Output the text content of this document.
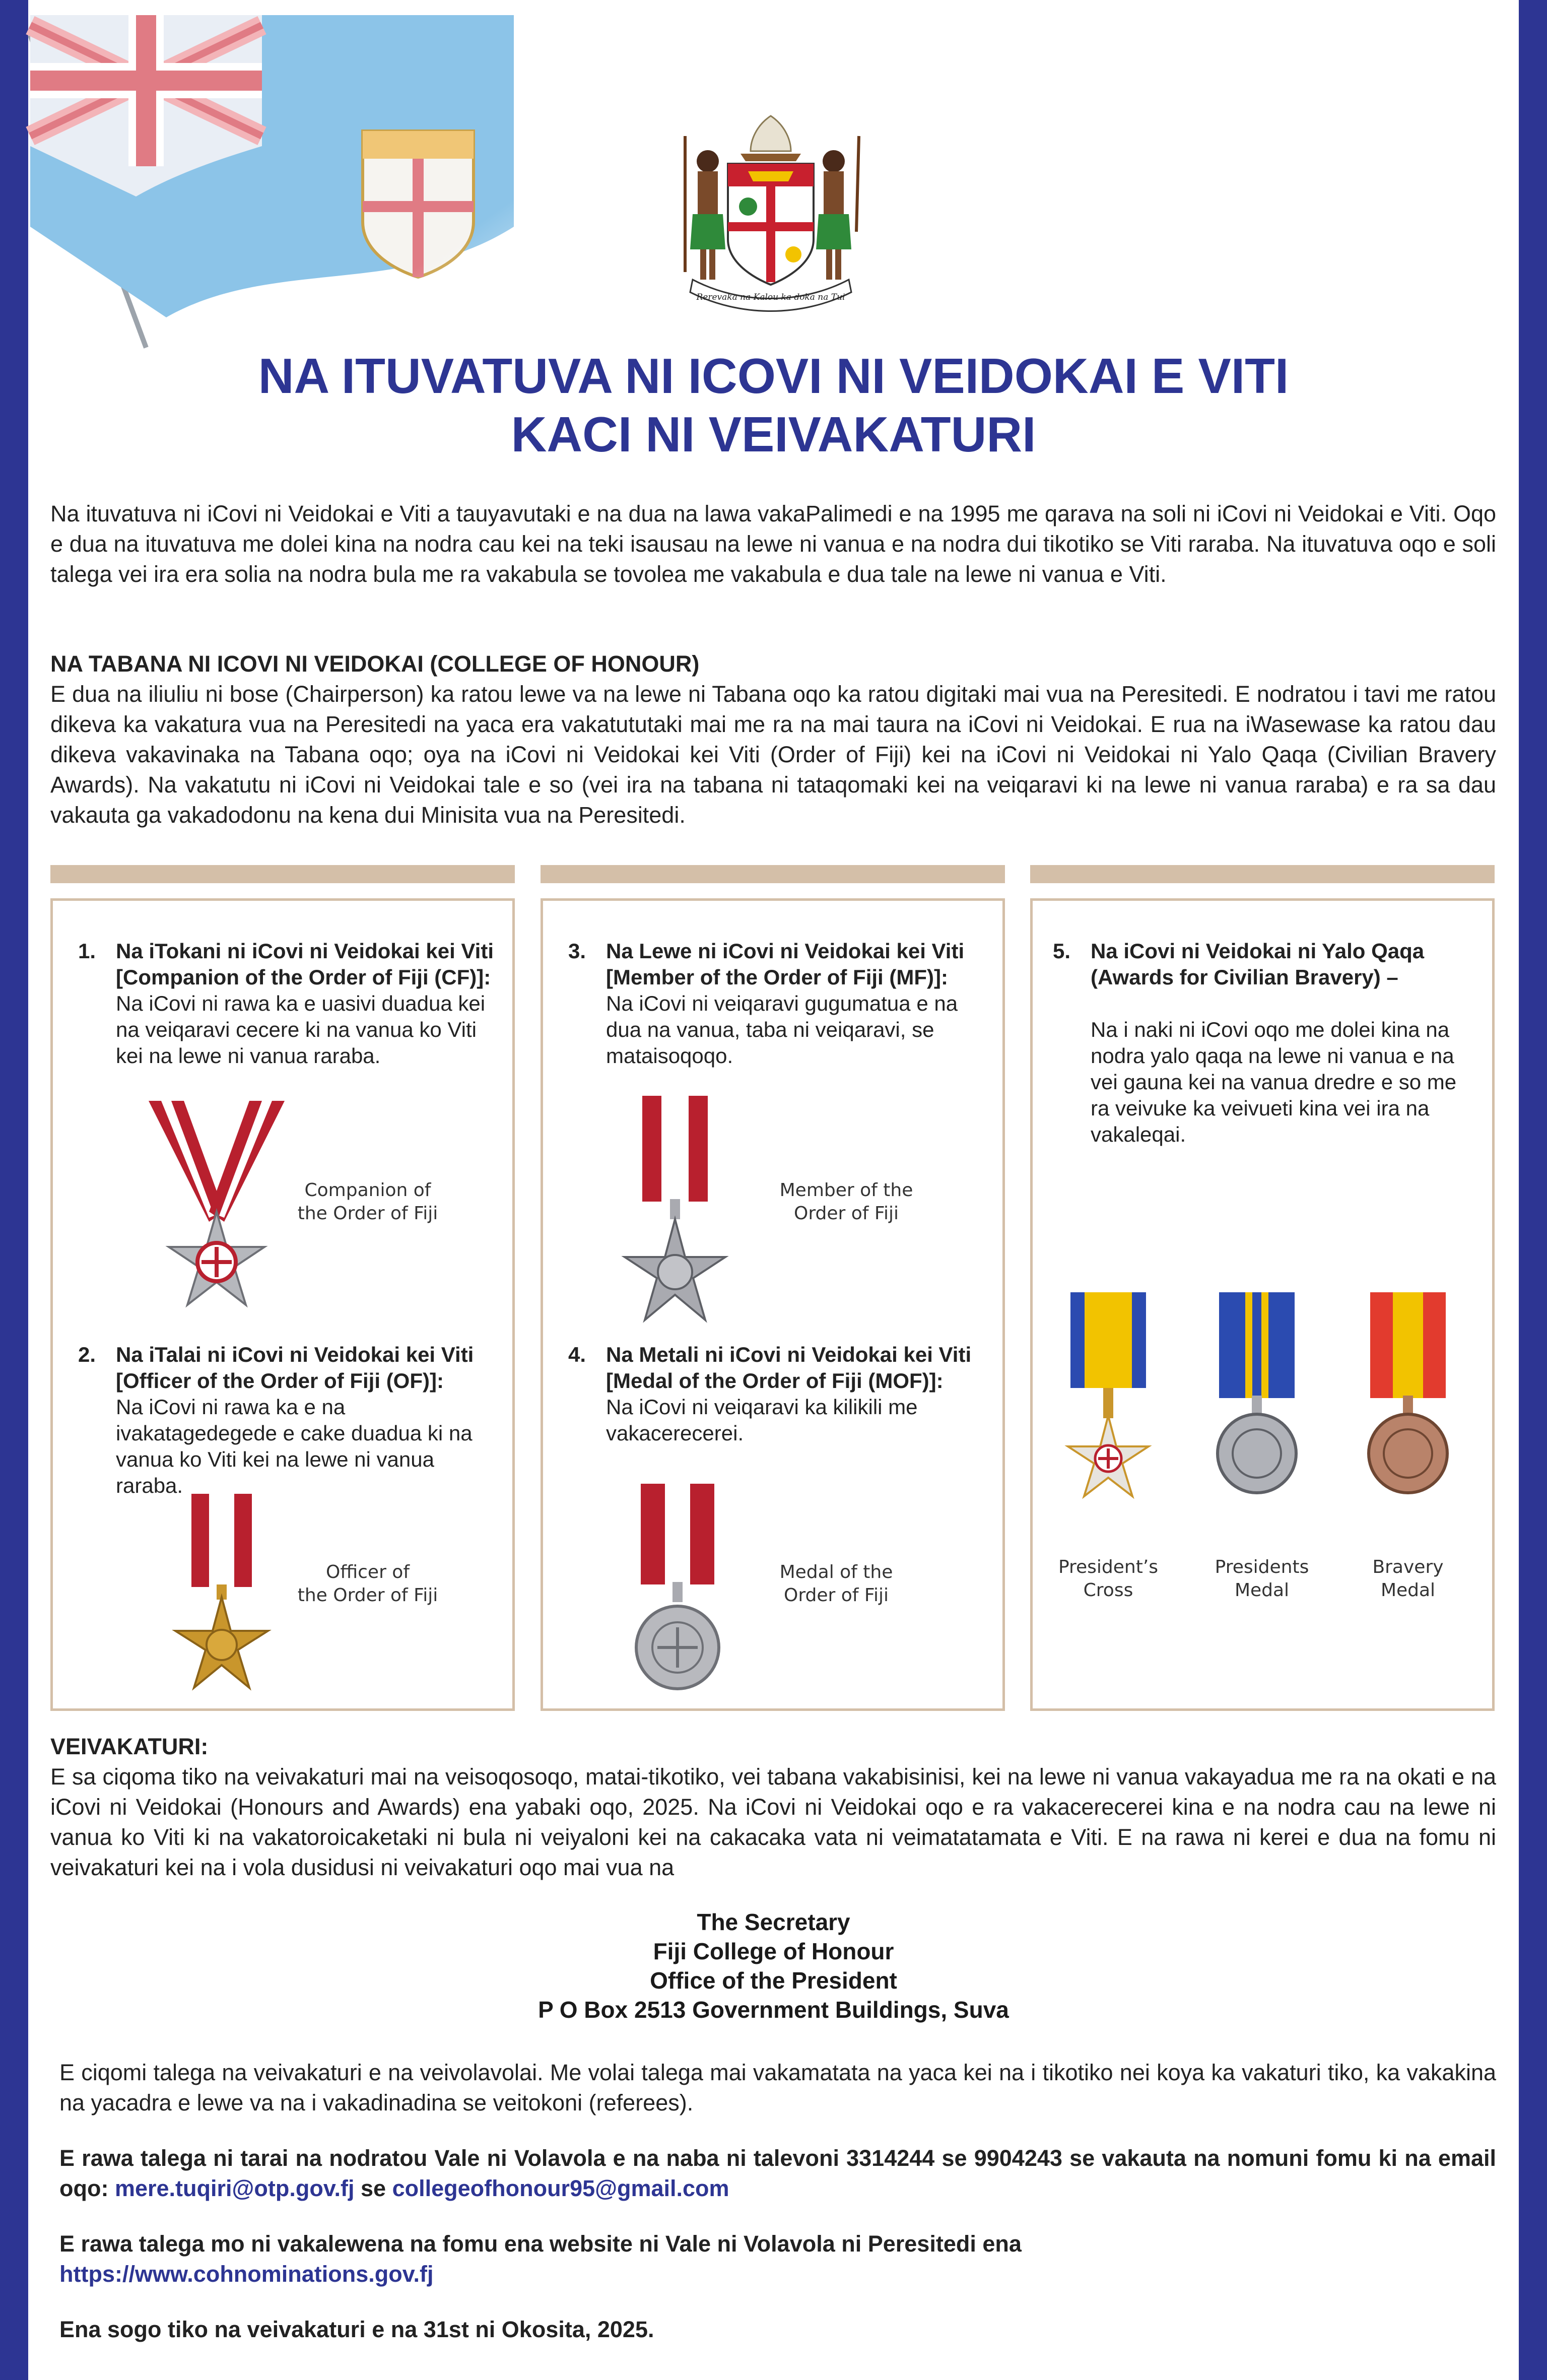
Rerevaka na Kalou ka doka na Tui
NA ITUVATUVA NI ICOVI NI VEIDOKAI E VITI
KACI NI VEIVAKATURI
Na ituvatuva ni iCovi ni Veidokai e Viti a tauyavutaki e na dua na lawa vakaPalimedi e na 1995 me qarava na soli ni iCovi ni Veidokai e Viti. Oqo e dua na ituvatuva me dolei kina na nodra cau kei na teki isausau na lewe ni vanua e na nodra dui tikotiko se Viti raraba. Na ituvatuva oqo e soli talega vei ira era solia na nodra bula me ra vakabula se tovolea me vakabula e dua tale na lewe ni vanua e Viti.
NA TABANA NI ICOVI NI VEIDOKAI (COLLEGE OF HONOUR)
E dua na iliuliu ni bose (Chairperson) ka ratou lewe va na lewe ni Tabana oqo ka ratou digitaki mai vua na Peresitedi. E nodratou i tavi me ratou dikeva ka vakatura vua na Peresitedi na yaca era vakatututaki mai me ra na mai taura na iCovi ni Veidokai. E rua na iWasewase ka ratou dau dikeva vakavinaka na Tabana oqo; oya na iCovi ni Veidokai kei Viti (Order of Fiji) kei na iCovi ni Veidokai ni Yalo Qaqa (Civilian Bravery Awards). Na vakatutu ni iCovi ni Veidokai tale e so (vei ira na tabana ni tataqomaki kei na veiqaravi ki na lewe ni vanua raraba) e ra sa dau vakauta ga vakadodonu na kena dui Minisita vua na Peresitedi.
1. Na iTokani ni iCovi ni Veidokai kei Viti [Companion of the Order of Fiji (CF)]: Na iCovi ni rawa ka e uasivi duadua kei na veiqaravi cecere ki na vanua ko Viti kei na lewe ni vanua raraba.
Companion of
the Order of Fiji
2. Na iTalai ni iCovi ni Veidokai kei Viti [Officer of the Order of Fiji (OF)]:
Na iCovi ni rawa ka e na ivakatagedegede e cake duadua ki na vanua ko Viti kei na lewe ni vanua raraba.
Officer of
the Order of Fiji
3. Na Lewe ni iCovi ni Veidokai kei Viti [Member of the Order of Fiji (MF)]:
Na iCovi ni veiqaravi gugumatua e na dua na vanua, taba ni veiqaravi, se mataisoqoqo.
Member of the
Order of Fiji
4. Na Metali ni iCovi ni Veidokai kei Viti [Medal of the Order of Fiji (MOF)]:
Na iCovi ni veiqaravi ka kilikili me vakacerecerei.
Medal of the
Order of Fiji
5. Na iCovi ni Veidokai ni Yalo Qaqa (Awards for Civilian Bravery) –
Na i naki ni iCovi oqo me dolei kina na nodra yalo qaqa na lewe ni vanua e na vei gauna kei na vanua dredre e so me ra veivuke ka veivueti kina vei ira na vakaleqai.
President’s
Cross
Presidents
Medal
Bravery
Medal
VEIVAKATURI:
E sa ciqoma tiko na veivakaturi mai na veisoqosoqo, matai-tikotiko, vei tabana vakabisinisi, kei na lewe ni vanua vakayadua me ra na okati e na iCovi ni Veidokai (Honours and Awards) ena yabaki oqo, 2025. Na iCovi ni Veidokai oqo e ra vakacerecerei kina e na nodra cau na lewe ni vanua ko Viti ki na vakatoroicaketaki ni bula ni veiyaloni kei na cakacaka vata ni veimatatamata e Viti. E na rawa ni kerei e dua na fomu ni veivakaturi kei na i vola dusidusi ni veivakaturi oqo mai vua na
The Secretary
Fiji College of Honour
Office of the President
P O Box 2513 Government Buildings, Suva
E ciqomi talega na veivakaturi e na veivolavolai. Me volai talega mai vakamatata na yaca kei na i tikotiko nei koya ka vakaturi tiko, ka vakakina na yacadra e lewe va na i vakadinadina se veitokoni (referees).
E rawa talega ni tarai na nodratou Vale ni Volavola e na naba ni talevoni 3314244 se 9904243 se vakauta na nomuni fomu ki na email oqo: mere.tuqiri@otp.gov.fj se collegeofhonour95@gmail.com
E rawa talega mo ni vakalewena na fomu ena website ni Vale ni Volavola ni Peresitedi ena
https://www.cohnominations.gov.fj
Ena sogo tiko na veivakaturi e na 31st ni Okosita, 2025.
